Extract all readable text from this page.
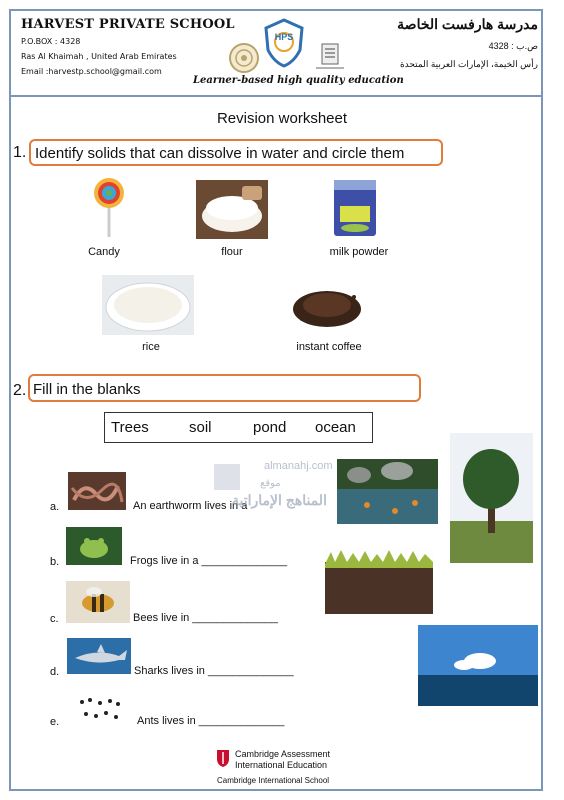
HARVEST PRIVATE SCHOOL
P.O.BOX : 4328
Ras Al Khaimah , United Arab Emirates
Email :harvestp.school@gmail.com
مدرسة هارفست الخاصة
ص.ب : 4328
رأس الخيمة، الإمارات العربية المتحدة
HPS
Learner-based high quality education
Revision worksheet
1. Identify solids that can dissolve in water and circle them
Candy	flour	milk powder
rice	instant coffee
2. Fill in the blanks
Trees	soil	pond ocean
a.	An earthworm lives in a
b.	Frogs live in a ______________
c.	Bees live in ______________
d.	Sharks lives in ______________
e.	Ants lives in ______________
almanahj.com
موقع
المناهج الإماراتية
Cambridge Assessment
International Education
Cambridge International School
